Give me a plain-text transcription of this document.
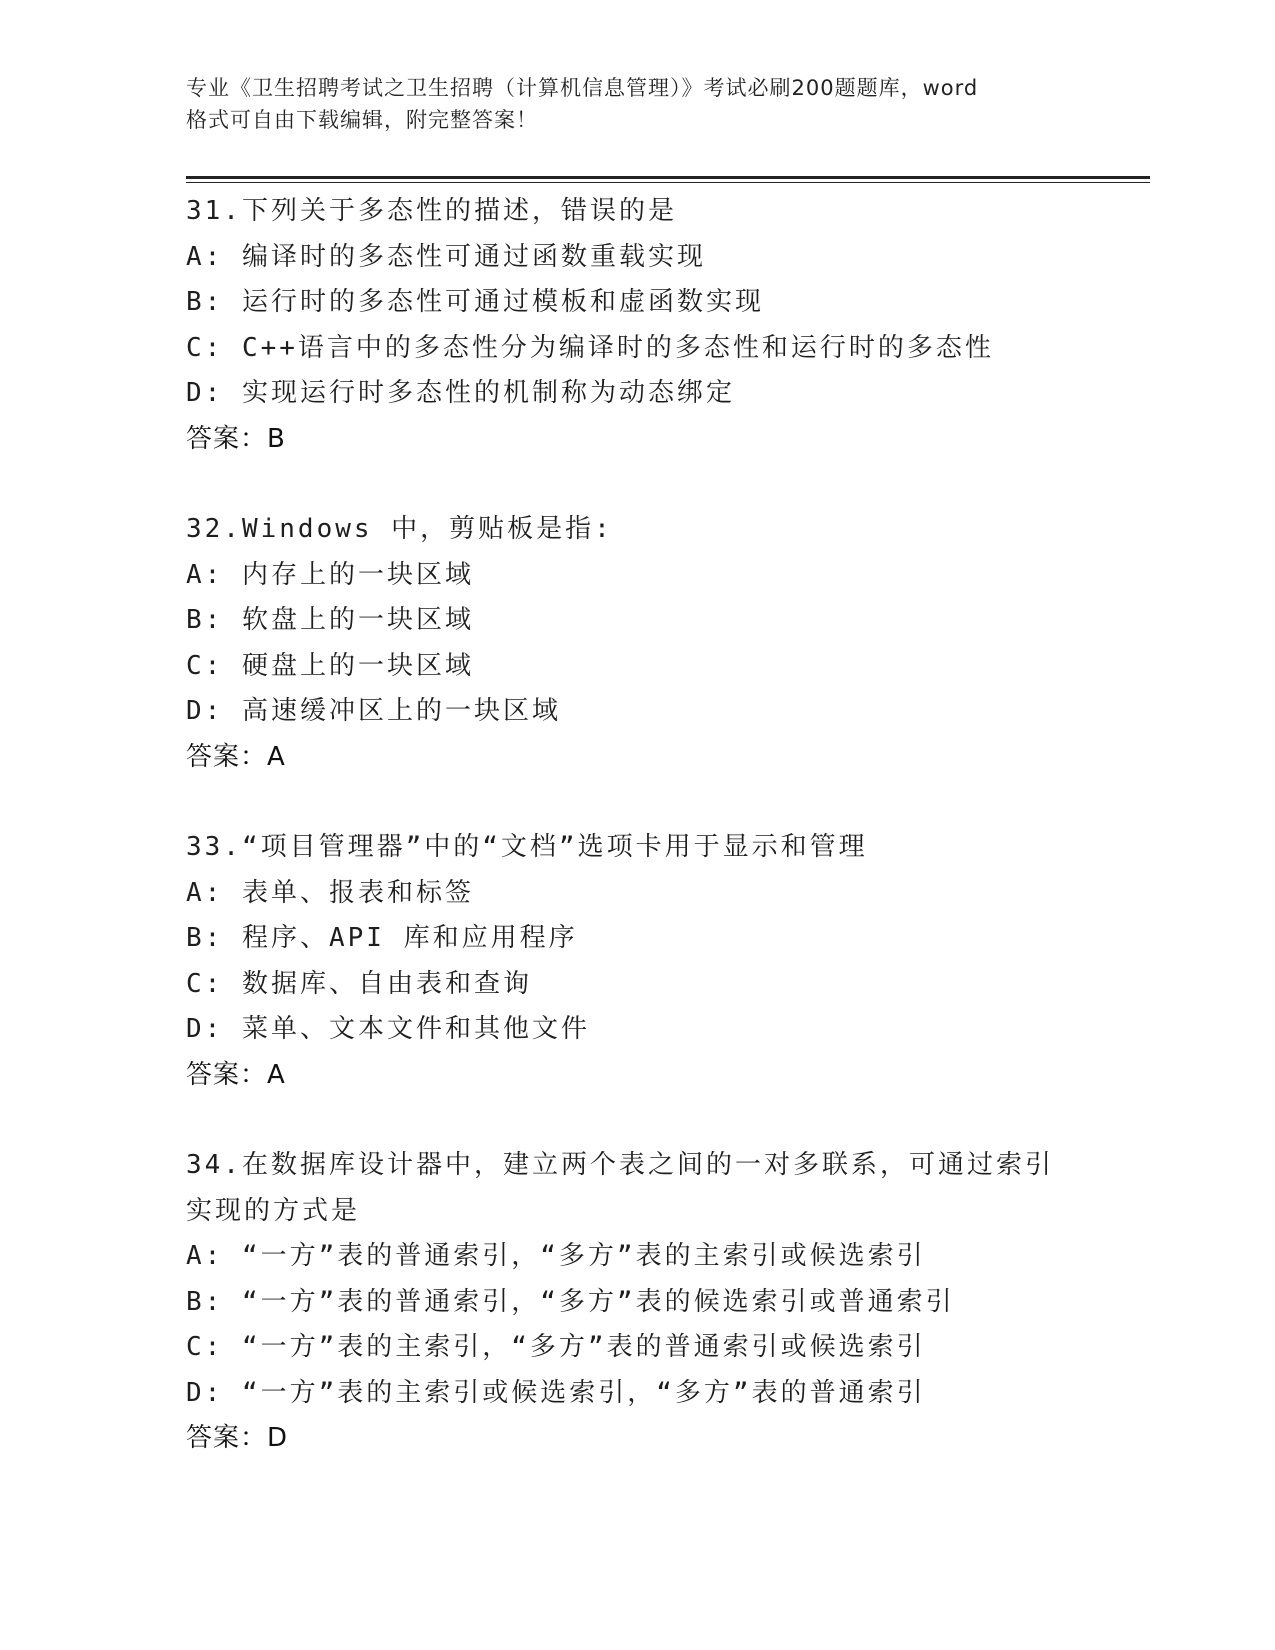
专业《卫生招聘考试之卫生招聘（计算机信息管理）》考试必刷200题题库，word
格式可自由下载编辑，附完整答案！
31.下列关于多态性的描述，错误的是
A: 编译时的多态性可通过函数重载实现
B: 运行时的多态性可通过模板和虚函数实现
C: C++语言中的多态性分为编译时的多态性和运行时的多态性
D: 实现运行时多态性的机制称为动态绑定
答案：B
32.Windows 中，剪贴板是指:
A: 内存上的一块区域
B: 软盘上的一块区域
C: 硬盘上的一块区域
D: 高速缓冲区上的一块区域
答案：A
33.“项目管理器”中的“文档”选项卡用于显示和管理
A: 表单、报表和标签
B: 程序、API 库和应用程序
C: 数据库、自由表和查询
D: 菜单、文本文件和其他文件
答案：A
34.在数据库设计器中，建立两个表之间的一对多联系，可通过索引实现的方式是
A: “一方”表的普通索引，“多方”表的主索引或候选索引
B: “一方”表的普通索引，“多方”表的候选索引或普通索引
C: “一方”表的主索引，“多方”表的普通索引或候选索引
D: “一方”表的主索引或候选索引，“多方”表的普通索引
答案：D
